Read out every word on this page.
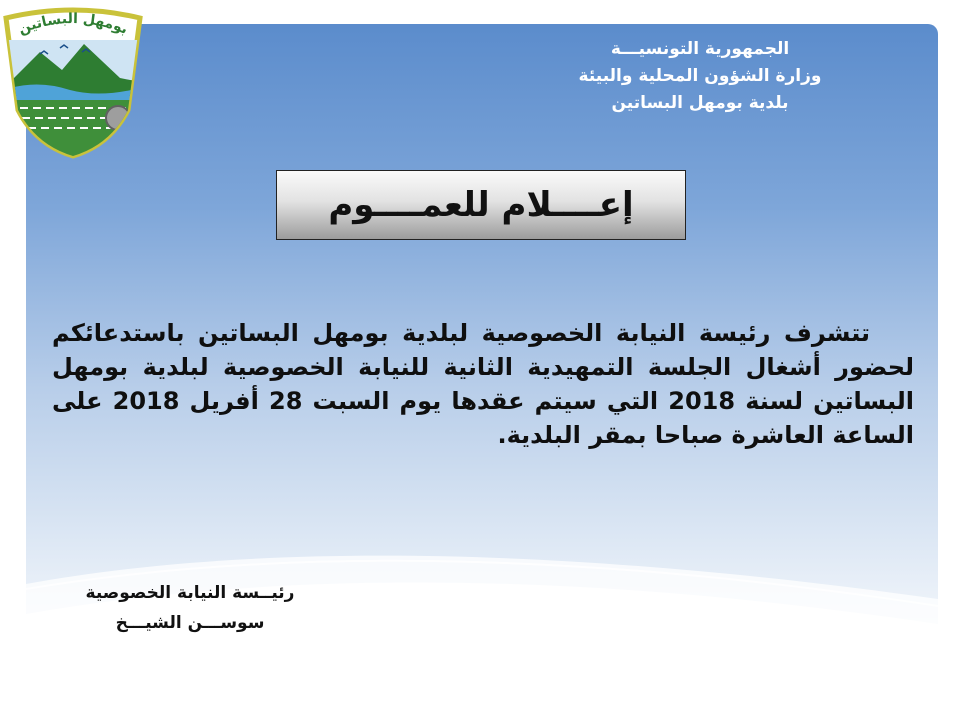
الجمهورية التونسيـــة
وزارة الشؤون المحلية والبيئة
بلدية بومهل البساتين
إعــــلام للعمــــوم
تتشرف رئيسة النيابة الخصوصية لبلدية بومهل البساتين باستدعائكم لحضور أشغال الجلسة التمهيدية الثانية للنيابة الخصوصية لبلدية بومهل البساتين لسنة 2018 التي سيتم عقدها يوم السبت 28 أفريل 2018 على الساعة العاشرة صباحا بمقر البلدية.
رئيــسة النيابة الخصوصية
سوســـن الشيـــخ
بومهل البساتين
